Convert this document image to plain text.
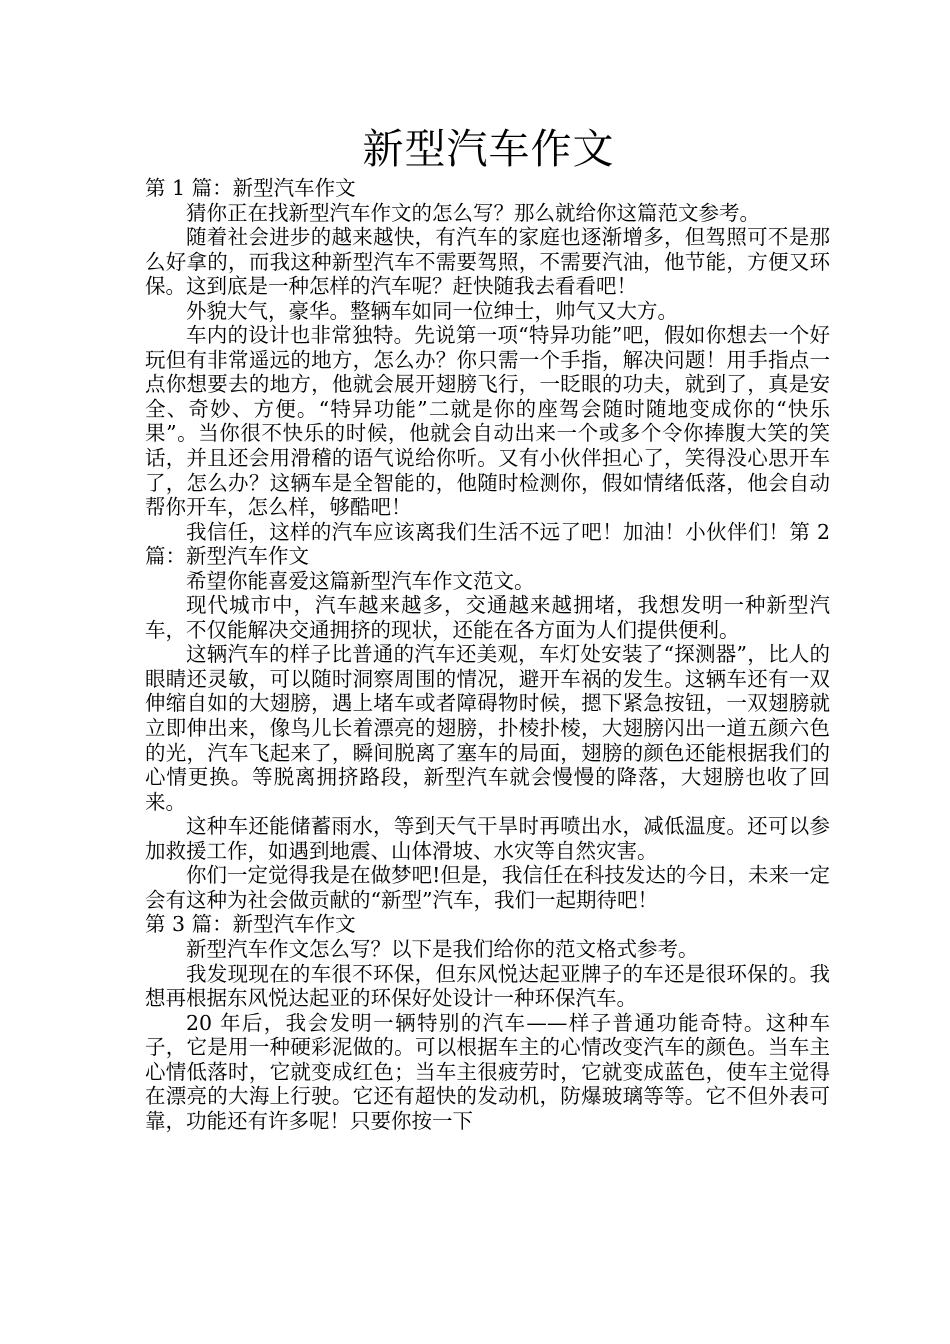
新型汽车作文

第 1 篇：新型汽车作文

猜你正在找新型汽车作文的怎么写？那么就给你这篇范文参考。

随着社会进步的越来越快，有汽车的家庭也逐渐增多，但驾照可不是那么好拿的，而我这种新型汽车不需要驾照，不需要汽油，他节能，方便又环保。这到底是一种怎样的汽车呢？赶快随我去看看吧！

外貌大气，豪华。整辆车如同一位绅士，帅气又大方。

车内的设计也非常独特。先说第一项“特异功能”吧，假如你想去一个好玩但有非常遥远的地方，怎么办？你只需一个手指，解决问题！用手指点一点你想要去的地方，他就会展开翅膀飞行，一眨眼的功夫，就到了，真是安全、奇妙、方便。“特异功能”二就是你的座驾会随时随地变成你的“快乐果”。当你很不快乐的时候，他就会自动出来一个或多个令你捧腹大笑的笑话，并且还会用滑稽的语气说给你听。又有小伙伴担心了，笑得没心思开车了，怎么办？这辆车是全智能的，他随时检测你，假如情绪低落，他会自动帮你开车，怎么样，够酷吧！

我信任，这样的汽车应该离我们生活不远了吧！加油！小伙伴们！第 2 篇：新型汽车作文

希望你能喜爱这篇新型汽车作文范文。

现代城市中，汽车越来越多，交通越来越拥堵，我想发明一种新型汽车，不仅能解决交通拥挤的现状，还能在各方面为人们提供便利。

这辆汽车的样子比普通的汽车还美观，车灯处安装了“探测器”，比人的眼睛还灵敏，可以随时洞察周围的情况，避开车祸的发生。这辆车还有一双伸缩自如的大翅膀，遇上堵车或者障碍物时候，摁下紧急按钮，一双翅膀就立即伸出来，像鸟儿长着漂亮的翅膀，扑棱扑棱，大翅膀闪出一道五颜六色的光，汽车飞起来了，瞬间脱离了塞车的局面，翅膀的颜色还能根据我们的心情更换。等脱离拥挤路段，新型汽车就会慢慢的降落，大翅膀也收了回来。

这种车还能储蓄雨水，等到天气干旱时再喷出水，减低温度。还可以参加救援工作，如遇到地震、山体滑坡、水灾等自然灾害。

你们一定觉得我是在做梦吧!但是，我信任在科技发达的今日，未来一定会有这种为社会做贡献的“新型”汽车，我们一起期待吧！

第 3 篇：新型汽车作文

新型汽车作文怎么写？以下是我们给你的范文格式参考。

我发现现在的车很不环保，但东风悦达起亚牌子的车还是很环保的。我想再根据东风悦达起亚的环保好处设计一种环保汽车。

20 年后，我会发明一辆特别的汽车——样子普通功能奇特。这种车子，它是用一种硬彩泥做的。可以根据车主的心情改变汽车的颜色。当车主心情低落时，它就变成红色；当车主很疲劳时，它就变成蓝色，使车主觉得在漂亮的大海上行驶。它还有超快的发动机，防爆玻璃等等。它不但外表可靠，功能还有许多呢！只要你按一下
